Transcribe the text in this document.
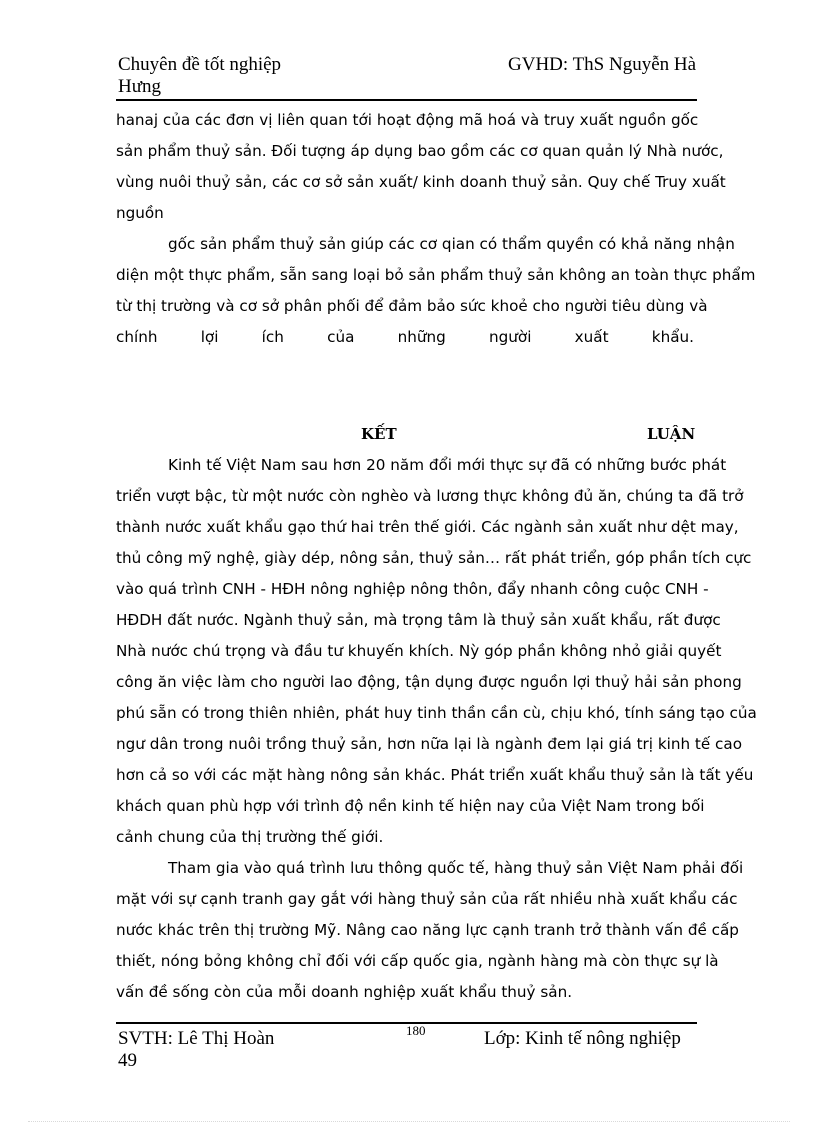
Chuyên đề tốt nghiệp
Hưng
GVHD: ThS Nguyễn Hà
hanaj của các đơn vị liên quan tới hoạt động mã hoá và truy xuất nguồn gốc
sản phẩm thuỷ sản. Đối tượng áp dụng bao gồm các cơ quan quản lý Nhà nước,
vùng nuôi thuỷ sản, các cơ sở sản xuất/ kinh doanh thuỷ sản. Quy chế Truy xuất
nguồn
gốc sản phẩm thuỷ sản giúp các cơ qian có thẩm quyền có khả năng nhận
diện một thực phẩm, sẵn sang loại bỏ sản phẩm thuỷ sản không an toàn thực phẩm
từ thị trường và cơ sở phân phối để đảm bảo sức khoẻ cho người tiêu dùng và
chính lợi ích của những người xuất khẩu.
KẾT	LUẬN
Kinh tế Việt Nam sau hơn 20 năm đổi mới thực sự đã có những bước phát
triển vượt bậc, từ một nước còn nghèo và lương thực không đủ ăn, chúng ta đã trở
thành nước xuất khẩu gạo thứ hai trên thế giới. Các ngành sản xuất như dệt may,
thủ công mỹ nghệ, giày dép, nông sản, thuỷ sản… rất phát triển, góp phần tích cực
vào quá trình CNH - HĐH nông nghiệp nông thôn, đẩy nhanh công cuộc CNH -
HĐDH đất nước. Ngành thuỷ sản, mà trọng tâm là thuỷ sản xuất khẩu, rất được
Nhà nước chú trọng và đầu tư khuyến khích. Nỳ góp phần không nhỏ giải quyết
công ăn việc làm cho người lao động, tận dụng được nguồn lợi thuỷ hải sản phong
phú sẵn có trong thiên nhiên, phát huy tinh thần cần cù, chịu khó, tính sáng tạo của
ngư dân trong nuôi trồng thuỷ sản, hơn nữa lại là ngành đem lại giá trị kinh tế cao
hơn cả so với các mặt hàng nông sản khác. Phát triển xuất khẩu thuỷ sản là tất yếu
khách quan phù hợp với trình độ nền kinh tế hiện nay của Việt Nam trong bối
cảnh chung của thị trường thế giới.
Tham gia vào quá trình lưu thông quốc tế, hàng thuỷ sản Việt Nam phải đối
mặt với sự cạnh tranh gay gắt với hàng thuỷ sản của rất nhiều nhà xuất khẩu các
nước khác trên thị trường Mỹ. Nâng cao năng lực cạnh tranh trở thành vấn đề cấp
thiết, nóng bỏng không chỉ đối với cấp quốc gia, ngành hàng mà còn thực sự là
vấn đề sống còn của mỗi doanh nghiệp xuất khẩu thuỷ sản.
180
SVTH: Lê Thị Hoàn
49
Lớp: Kinh tế nông nghiệp
